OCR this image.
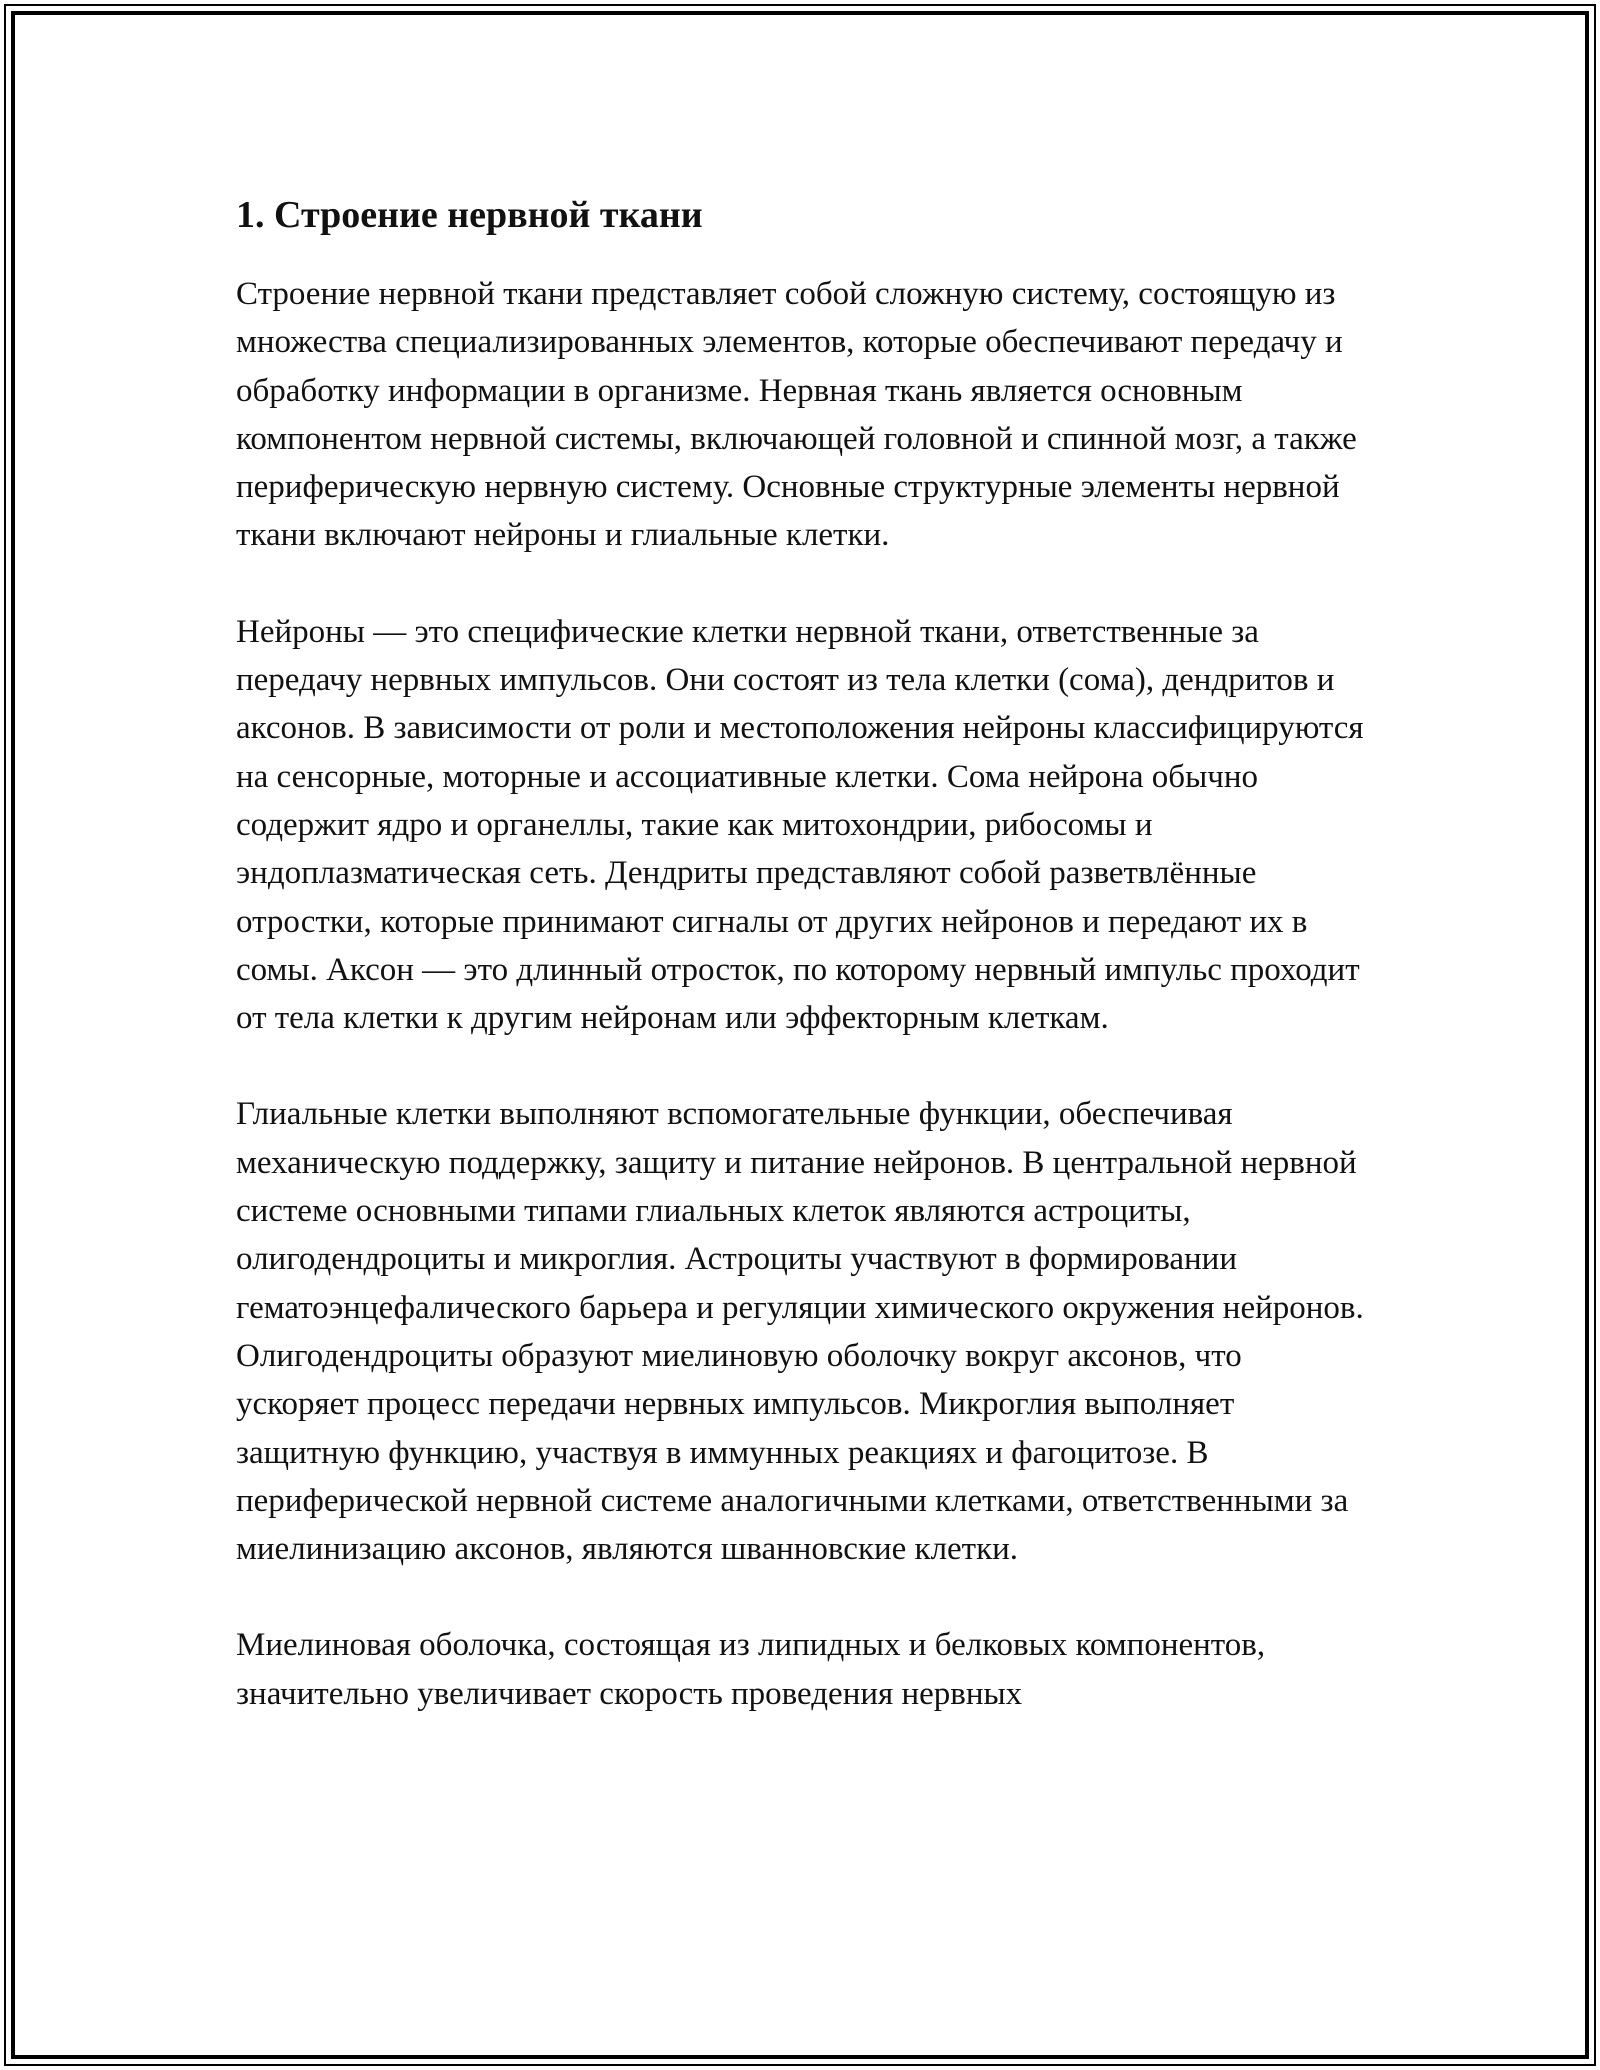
1. Строение нервной ткани

Строение нервной ткани представляет собой сложную систему, состоящую из множества специализированных элементов, которые обеспечивают передачу и обработку информации в организме. Нервная ткань является основным компонентом нервной системы, включающей головной и спинной мозг, а также периферическую нервную систему. Основные структурные элементы нервной ткани включают нейроны и глиальные клетки.

Нейроны — это специфические клетки нервной ткани, ответственные за передачу нервных импульсов. Они состоят из тела клетки (сома), дендритов и аксонов. В зависимости от роли и местоположения нейроны классифицируются на сенсорные, моторные и ассоциативные клетки. Сома нейрона обычно содержит ядро и органеллы, такие как митохондрии, рибосомы и эндоплазматическая сеть. Дендриты представляют собой разветвлённые отростки, которые принимают сигналы от других нейронов и передают их в сомы. Аксон — это длинный отросток, по которому нервный импульс проходит от тела клетки к другим нейронам или эффекторным клеткам.

Глиальные клетки выполняют вспомогательные функции, обеспечивая механическую поддержку, защиту и питание нейронов. В центральной нервной системе основными типами глиальных клеток являются астроциты, олигодендроциты и микроглия. Астроциты участвуют в формировании гематоэнцефалического барьера и регуляции химического окружения нейронов. Олигодендроциты образуют миелиновую оболочку вокруг аксонов, что ускоряет процесс передачи нервных импульсов. Микроглия выполняет защитную функцию, участвуя в иммунных реакциях и фагоцитозе. В периферической нервной системе аналогичными клетками, ответственными за миелинизацию аксонов, являются шванновские клетки.

Миелиновая оболочка, состоящая из липидных и белковых компонентов, значительно увеличивает скорость проведения нервных
